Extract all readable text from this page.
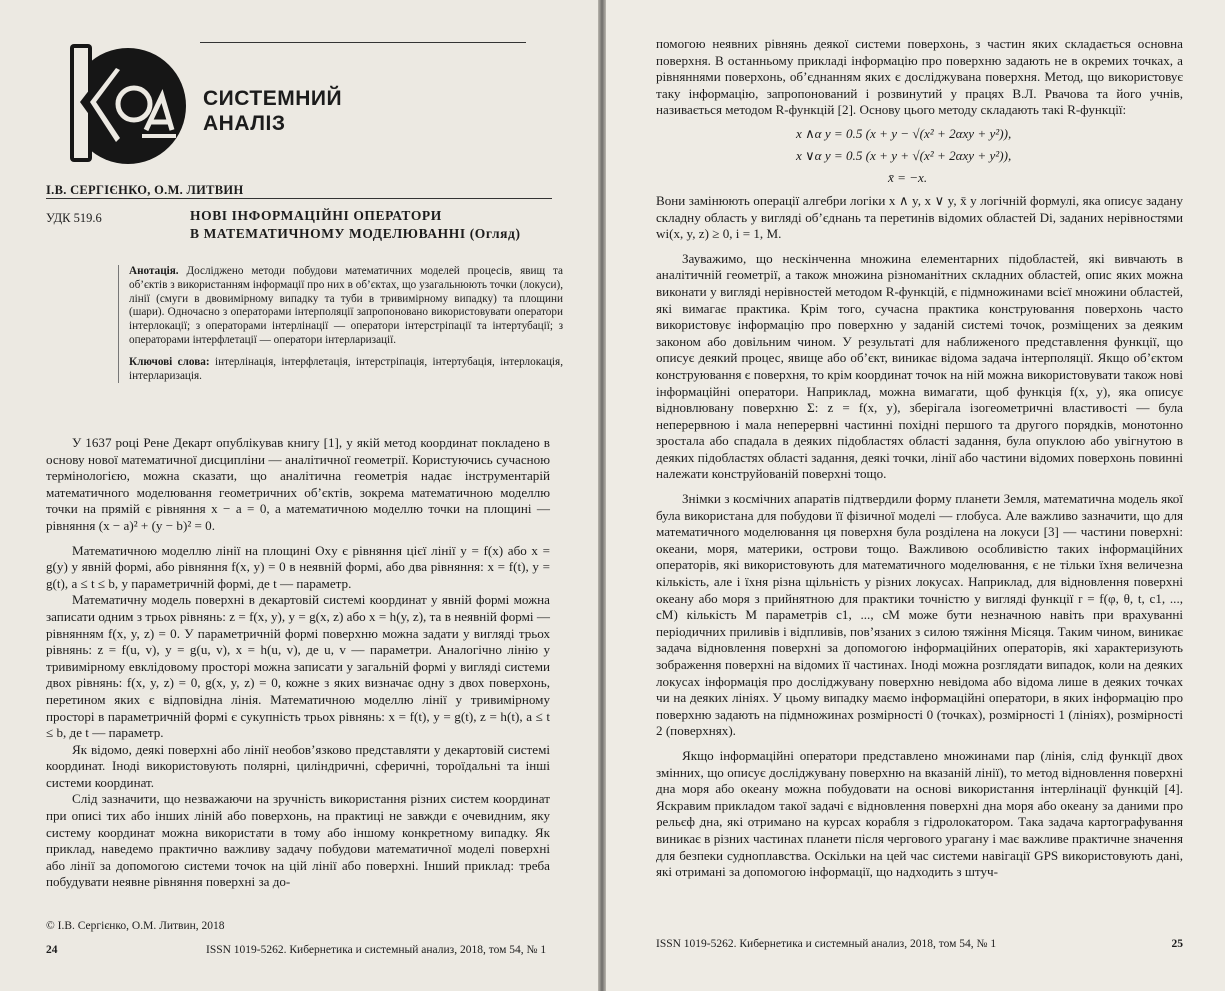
СИСТЕМНИЙ
АНАЛІЗ
І.В. СЕРГІЄНКО, О.М. ЛИТВИН
УДК 519.6	НОВІ ІНФОРМАЦІЙНІ ОПЕРАТОРИ
В МАТЕМАТИЧНОМУ МОДЕЛЮВАННІ (Огляд)

Анотація. Досліджено методи побудови математичних моделей процесів, явищ та об’єктів з використанням інформації про них в об’єктах, що узагальнюють точки (локуси), лінії (смуги в двовимірному випадку та туби в тривимірному випадку) та площини (шари). Одночасно з операторами інтерполяції запропоновано використовувати оператори інтерлокації; з операторами інтерлінації — оператори інтерстріпації та інтертубації; з операторами інтерфлетації — оператори інтерларизації.

Ключові слова: інтерлінація, інтерфлетація, інтерстріпація, інтертубація, інтерлокація, інтерларизація.

У 1637 році Рене Декарт опублікував книгу [1], у якій метод координат покладено в основу нової математичної дисципліни — аналітичної геометрії. Користуючись сучасною термінологією, можна сказати, що аналітична геометрія надає інструментарій математичного моделювання геометричних об’єктів, зокрема математичною моделлю точки на прямій є рівняння x − a = 0, а математичною моделлю точки на площині — рівняння (x − a)² + (y − b)² = 0.

Математичною моделлю лінії на площині Oxy є рівняння цієї лінії y = f(x) або x = g(y) у явній формі, або рівняння f(x, y) = 0 в неявній формі, або два рівняння: x = f(t), y = g(t), a ≤ t ≤ b, у параметричній формі, де t — параметр.

Математичну модель поверхні в декартовій системі координат у явній формі можна записати одним з трьох рівнянь: z = f(x, y), y = g(x, z) або x = h(y, z), та в неявній формі — рівнянням f(x, y, z) = 0. У параметричній формі поверхню можна задати у вигляді трьох рівнянь: z = f(u, v), y = g(u, v), x = h(u, v), де u, v — параметри. Аналогічно лінію у тривимірному евклідовому просторі можна записати у загальній формі у вигляді системи двох рівнянь: f(x, y, z) = 0, g(x, y, z) = 0, кожне з яких визначає одну з двох поверхонь, перетином яких є відповідна лінія. Математичною моделлю лінії у тривимірному просторі в параметричній формі є сукупність трьох рівнянь: x = f(t), y = g(t), z = h(t), a ≤ t ≤ b, де t — параметр.

Як відомо, деякі поверхні або лінії необов’язково представляти у декартовій системі координат. Іноді використовують полярні, циліндричні, сферичні, тороїдальні та інші системи координат.

Слід зазначити, що незважаючи на зручність використання різних систем координат при описі тих або інших ліній або поверхонь, на практиці не завжди є очевидним, яку систему координат можна використати в тому або іншому конкретному випадку. Як приклад, наведемо практично важливу задачу побудови математичної моделі поверхні або лінії за допомогою системи точок на цій лінії або поверхні. Інший приклад: треба побудувати неявне рівняння поверхні за до-

© І.В. Сергієнко, О.М. Литвин, 2018
24	ISSN 1019-5262. Кибернетика и системный анализ, 2018, том 54, № 1

помогою неявних рівнянь деякої системи поверхонь, з частин яких складається основна поверхня. В останньому прикладі інформацію про поверхню задають не в окремих точках, а рівняннями поверхонь, об’єднанням яких є досліджувана поверхня. Метод, що використовує таку інформацію, запропонований і розвинутий у працях В.Л. Рвачова та його учнів, називається методом R-функцій [2]. Основу цього методу складають такі R-функції:

x ∧α y = 0.5 (x + y − √(x² + 2αxy + y²)),
x ∨α y = 0.5 (x + y + √(x² + 2αxy + y²)),
x̄ = −x.

Вони замінюють операції алгебри логіки x ∧ y, x ∨ y, x̄ у логічній формулі, яка описує задану складну область у вигляді об’єднань та перетинів відомих областей Di, заданих нерівностями wi(x, y, z) ≥ 0, i = 1, M.

Зауважимо, що нескінченна множина елементарних підобластей, які вивчають в аналітичній геометрії, а також множина різноманітних складних областей, опис яких можна виконати у вигляді нерівностей методом R-функцій, є підмножинами всієї множини областей, які вимагає практика. Крім того, сучасна практика конструювання поверхонь часто використовує інформацію про поверхню у заданій системі точок, розміщених за деяким законом або довільним чином. У результаті для наближеного представлення функції, що описує деякий процес, явище або об’єкт, виникає відома задача інтерполяції. Якщо об’єктом конструювання є поверхня, то крім координат точок на ній можна використовувати також нові інформаційні оператори. Наприклад, можна вимагати, щоб функція f(x, y), яка описує відновлювану поверхню Σ: z = f(x, y), зберігала ізогеометричні властивості — була неперервною і мала неперервні частинні похідні першого та другого порядків, монотонно зростала або спадала в деяких підобластях області задання, була опуклою або увігнутою в деяких підобластях області задання, деякі точки, лінії або частини відомих поверхонь повинні належати конструйованій поверхні тощо.

Знімки з космічних апаратів підтвердили форму планети Земля, математична модель якої була використана для побудови її фізичної моделі — глобуса. Але важливо зазначити, що для математичного моделювання ця поверхня була розділена на локуси [3] — частини поверхні: океани, моря, материки, острови тощо. Важливою особливістю таких інформаційних операторів, які використовують для математичного моделювання, є не тільки їхня величезна кількість, але і їхня різна щільність у різних локусах. Наприклад, для відновлення поверхні океану або моря з прийнятною для практики точністю у вигляді функції r = f(φ, θ, t, c1, ..., cM) кількість M параметрів c1, ..., cM може бути незначною навіть при врахуванні періодичних приливів і відпливів, пов’язаних з силою тяжіння Місяця. Таким чином, виникає задача відновлення поверхні за допомогою інформаційних операторів, які характеризують зображення поверхні на відомих її частинах. Іноді можна розглядати випадок, коли на деяких локусах інформація про досліджувану поверхню невідома або відома лише в деяких точках чи на деяких лініях. У цьому випадку маємо інформаційні оператори, в яких інформацію про поверхню задають на підмножинах розмірності 0 (точках), розмірності 1 (лініях), розмірності 2 (поверхнях).

Якщо інформаційні оператори представлено множинами пар (лінія, слід функції двох змінних, що описує досліджувану поверхню на вказаній лінії), то метод відновлення поверхні дна моря або океану можна побудовати на основі використання інтерлінації функцій [4]. Яскравим прикладом такої задачі є відновлення поверхні дна моря або океану за даними про рельєф дна, які отримано на курсах корабля з гідролокатором. Така задача картографування виникає в різних частинах планети після чергового урагану і має важливе практичне значення для безпеки судноплавства. Оскільки на цей час системи навігації GPS використовують дані, які отримані за допомогою інформації, що надходить з штуч-

ISSN 1019-5262. Кибернетика и системный анализ, 2018, том 54, № 1	25
